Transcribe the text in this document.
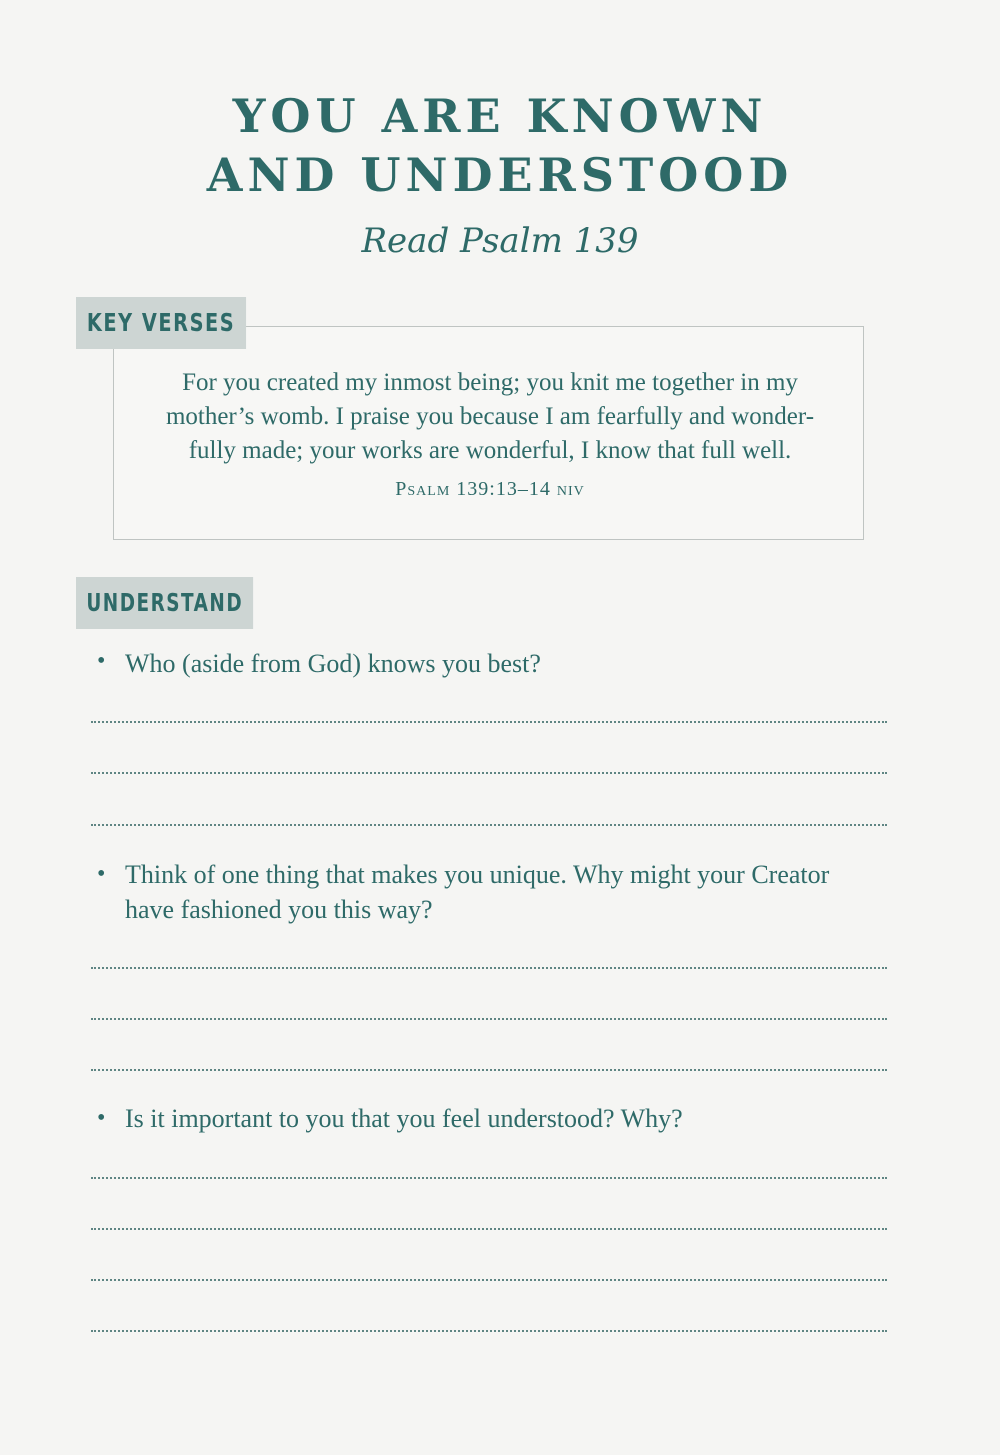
YOU ARE KNOWN
AND UNDERSTOOD
Read Psalm 139
KEY VERSES
For you created my inmost being; you knit me together in my
mother’s womb. I praise you because I am fearfully and wonder-
fully made; your works are wonderful, I know that full well.
Psalm 139:13–14 niv
UNDERSTAND
• Who (aside from God) knows you best?
• Think of one thing that makes you unique. Why might your Creator
have fashioned you this way?
• Is it important to you that you feel understood? Why?
